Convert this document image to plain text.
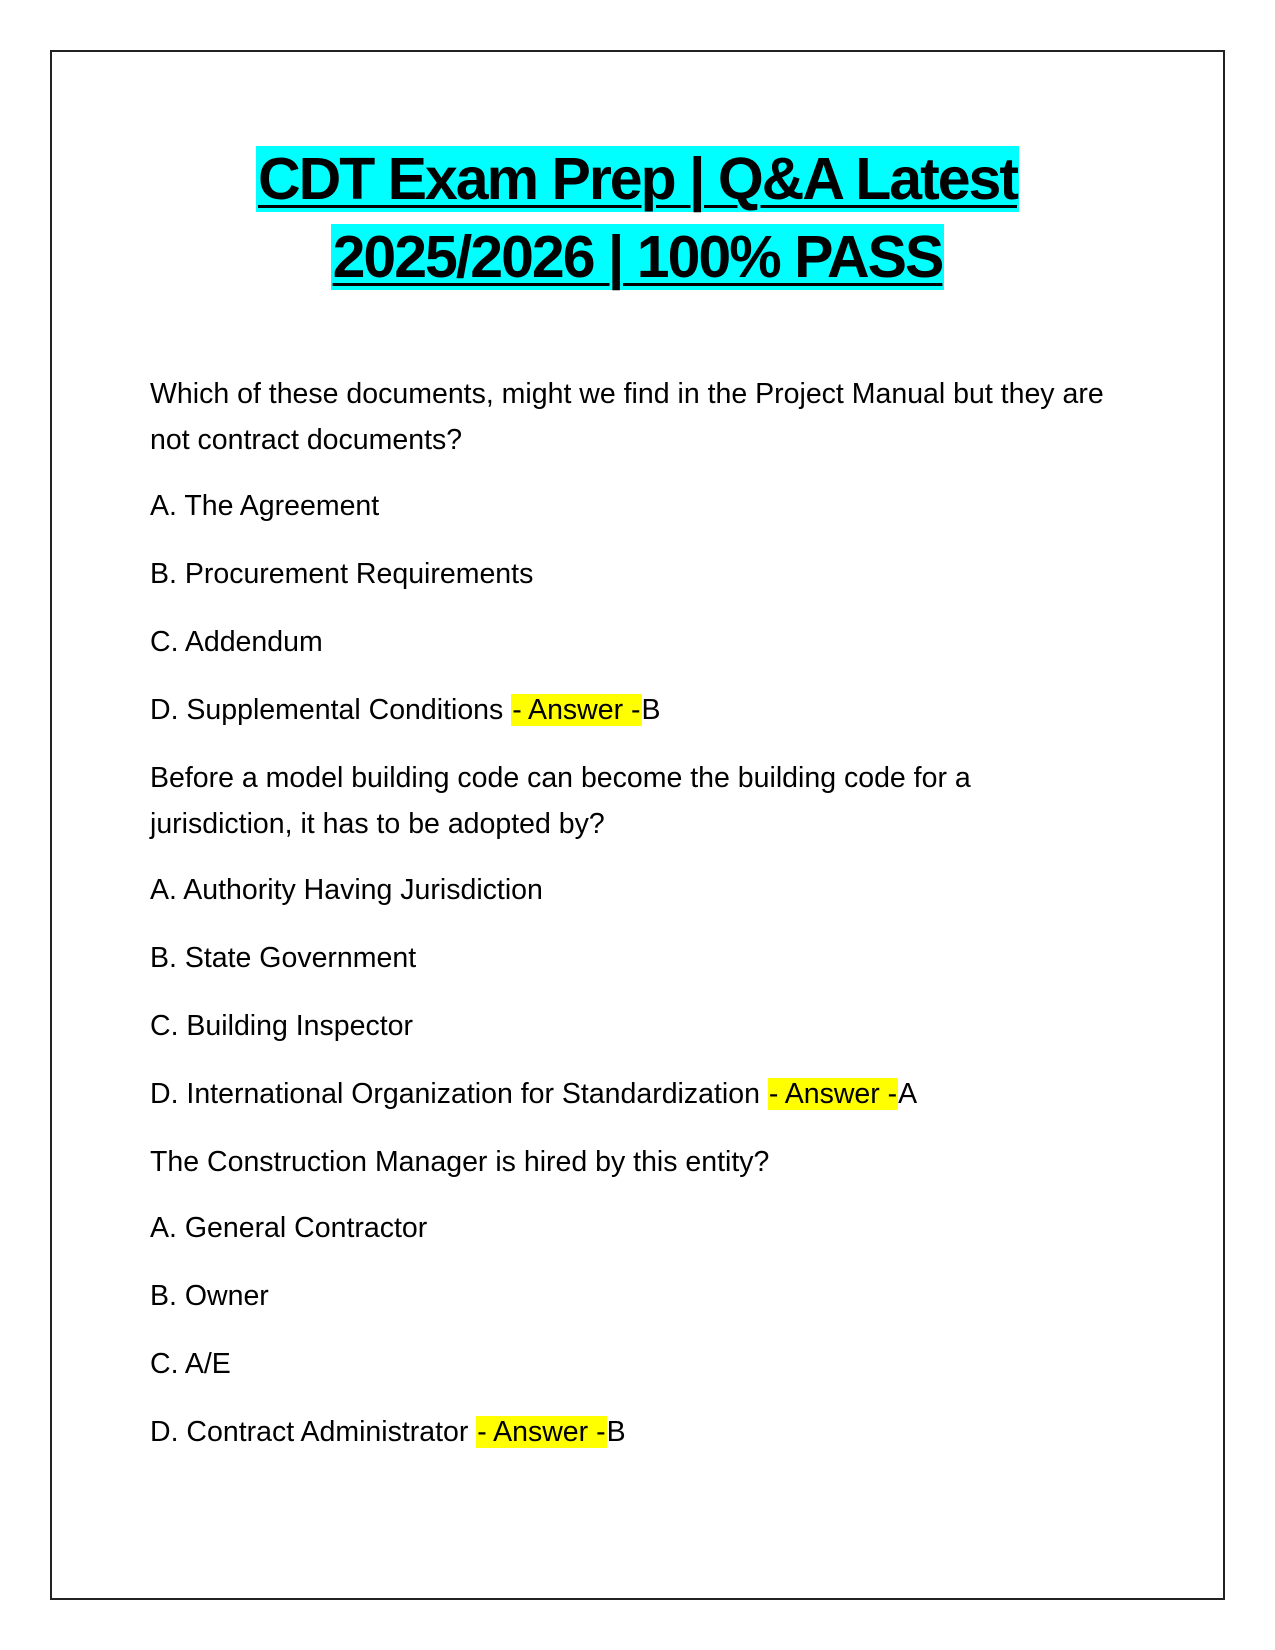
CDT Exam Prep | Q&A Latest
2025/2026 | 100% PASS

Which of these documents, might we find in the Project Manual but they are not contract documents?

A. The Agreement

B. Procurement Requirements

C. Addendum

D. Supplemental Conditions - Answer -B

Before a model building code can become the building code for a jurisdiction, it has to be adopted by?

A. Authority Having Jurisdiction

B. State Government

C. Building Inspector

D. International Organization for Standardization - Answer -A

The Construction Manager is hired by this entity?

A. General Contractor

B. Owner

C. A/E

D. Contract Administrator - Answer -B
